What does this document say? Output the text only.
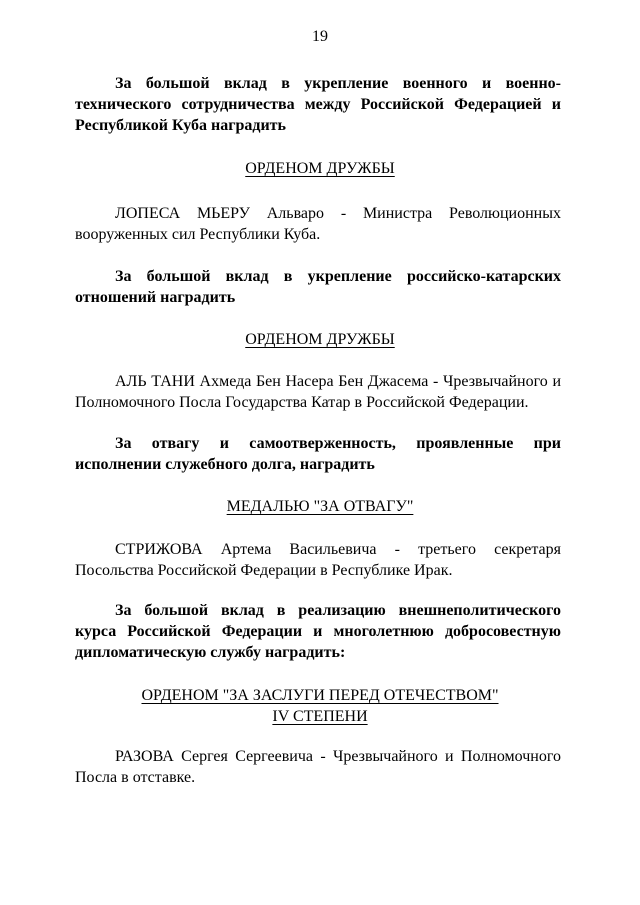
19

За большой вклад в укрепление военного и военно-технического сотрудничества между Российской Федерацией и Республикой Куба наградить

ОРДЕНОМ ДРУЖБЫ

ЛОПЕСА МЬЕРУ Альваро - Министра Революционных вооруженных сил Республики Куба.

За большой вклад в укрепление российско-катарских отношений наградить

ОРДЕНОМ ДРУЖБЫ

АЛЬ ТАНИ Ахмеда Бен Насера Бен Джасема - Чрезвычайного и Полномочного Посла Государства Катар в Российской Федерации.

За отвагу и самоотверженность, проявленные при исполнении служебного долга, наградить

МЕДАЛЬЮ "ЗА ОТВАГУ"

СТРИЖОВА Артема Васильевича - третьего секретаря Посольства Российской Федерации в Республике Ирак.

За большой вклад в реализацию внешнеполитического курса Российской Федерации и многолетнюю добросовестную дипломатическую службу наградить:

ОРДЕНОМ "ЗА ЗАСЛУГИ ПЕРЕД ОТЕЧЕСТВОМ"
IV СТЕПЕНИ

РАЗОВА Сергея Сергеевича - Чрезвычайного и Полномочного Посла в отставке.
